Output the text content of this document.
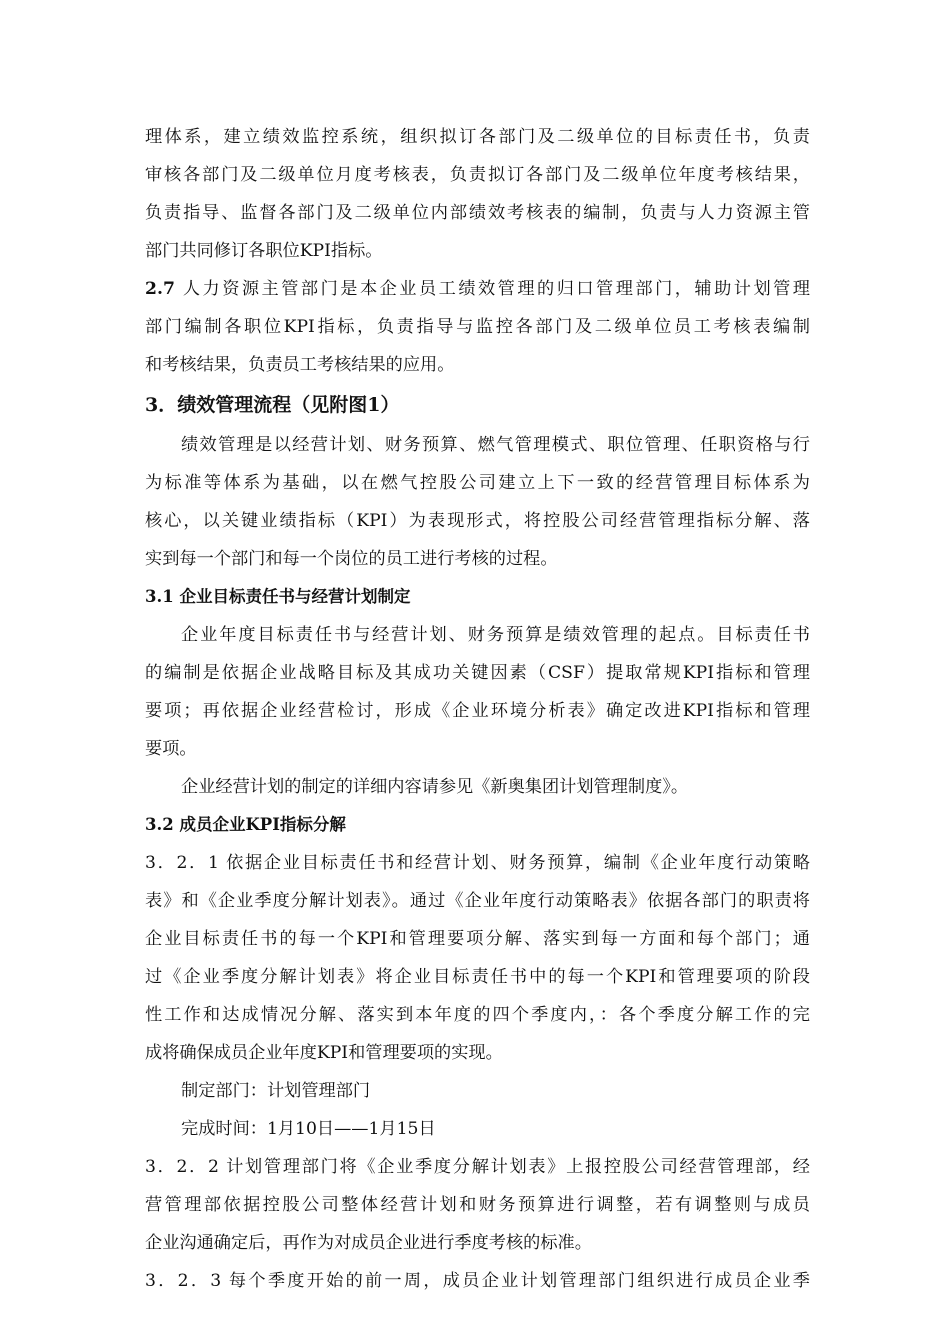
理体系，建立绩效监控系统，组织拟订各部门及二级单位的目标责任书，负责
审核各部门及二级单位月度考核表，负责拟订各部门及二级单位年度考核结果，
负责指导、监督各部门及二级单位内部绩效考核表的编制，负责与人力资源主管
部门共同修订各职位KPI指标。
2.7 人力资源主管部门是本企业员工绩效管理的归口管理部门，辅助计划管理
部门编制各职位KPI指标，负责指导与监控各部门及二级单位员工考核表编制
和考核结果，负责员工考核结果的应用。
3．绩效管理流程（见附图1）
绩效管理是以经营计划、财务预算、燃气管理模式、职位管理、任职资格与行
为标准等体系为基础，以在燃气控股公司建立上下一致的经营管理目标体系为
核心，以关键业绩指标（KPI）为表现形式，将控股公司经营管理指标分解、落
实到每一个部门和每一个岗位的员工进行考核的过程。
3.1 企业目标责任书与经营计划制定
企业年度目标责任书与经营计划、财务预算是绩效管理的起点。目标责任书
的编制是依据企业战略目标及其成功关键因素（CSF）提取常规KPI指标和管理
要项；再依据企业经营检讨，形成《企业环境分析表》确定改进KPI指标和管理
要项。
企业经营计划的制定的详细内容请参见《新奥集团计划管理制度》。
3.2 成员企业KPI指标分解
3．2．1 依据企业目标责任书和经营计划、财务预算，编制《企业年度行动策略
表》和《企业季度分解计划表》。通过《企业年度行动策略表》依据各部门的职责将
企业目标责任书的每一个KPI和管理要项分解、落实到每一方面和每个部门；通
过《企业季度分解计划表》将企业目标责任书中的每一个KPI和管理要项的阶段
性工作和达成情况分解、落实到本年度的四个季度内，：各个季度分解工作的完
成将确保成员企业年度KPI和管理要项的实现。
制定部门：计划管理部门
完成时间：1月10日——1月15日
3．2．2 计划管理部门将《企业季度分解计划表》上报控股公司经营管理部，经
营管理部依据控股公司整体经营计划和财务预算进行调整，若有调整则与成员
企业沟通确定后，再作为对成员企业进行季度考核的标准。
3．2．3 每个季度开始的前一周，成员企业计划管理部门组织进行成员企业季
